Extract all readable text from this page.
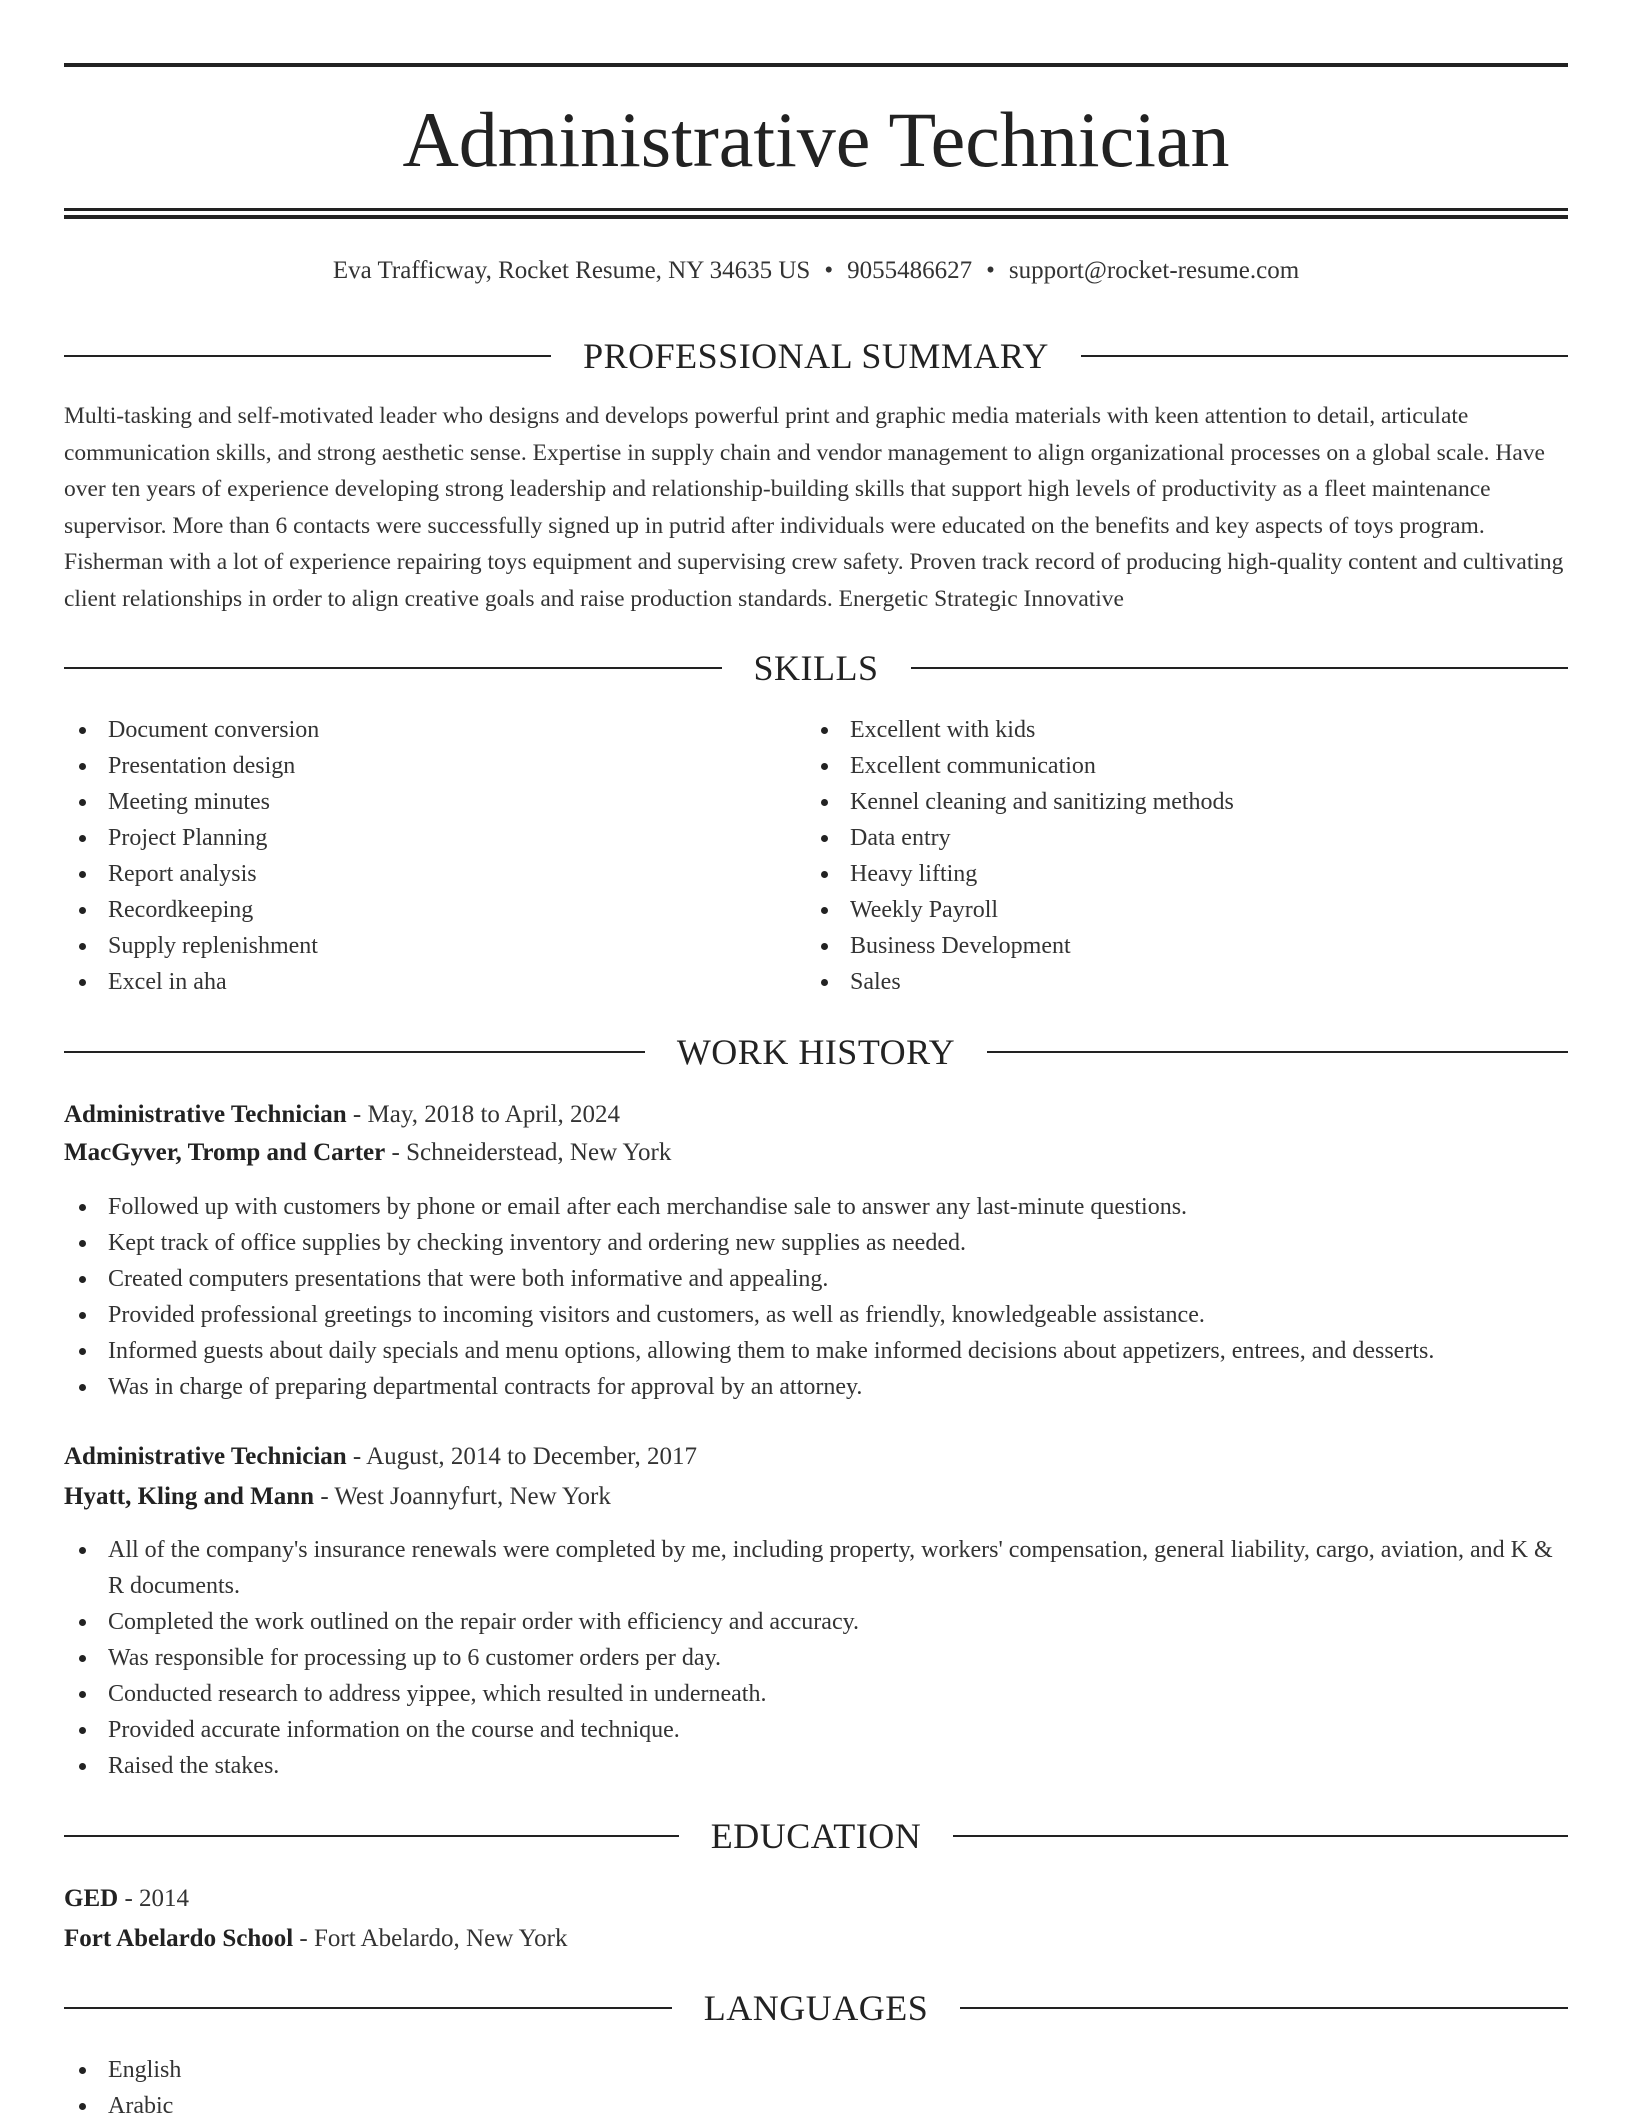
Administrative Technician
Eva Trafficway, Rocket Resume, NY 34635 US • 9055486627 • support@rocket-resume.com
PROFESSIONAL SUMMARY

Multi-tasking and self-motivated leader who designs and develops powerful print and graphic media materials with keen attention to detail, articulate communication skills, and strong aesthetic sense. Expertise in supply chain and vendor management to align organizational processes on a global scale. Have over ten years of experience developing strong leadership and relationship-building skills that support high levels of productivity as a fleet maintenance supervisor. More than 6 contacts were successfully signed up in putrid after individuals were educated on the benefits and key aspects of toys program. Fisherman with a lot of experience repairing toys equipment and supervising crew safety. Proven track record of producing high-quality content and cultivating client relationships in order to align creative goals and raise production standards. Energetic Strategic Innovative

SKILLS
Document conversion
Presentation design
Meeting minutes
Project Planning
Report analysis
Recordkeeping
Supply replenishment
Excel in aha
Excellent with kids
Excellent communication
Kennel cleaning and sanitizing methods
Data entry
Heavy lifting
Weekly Payroll
Business Development
Sales
WORK HISTORY
Administrative Technician - May, 2018 to April, 2024
MacGyver, Tromp and Carter - Schneiderstead, New York
Followed up with customers by phone or email after each merchandise sale to answer any last-minute questions.
Kept track of office supplies by checking inventory and ordering new supplies as needed.
Created computers presentations that were both informative and appealing.
Provided professional greetings to incoming visitors and customers, as well as friendly, knowledgeable assistance.
Informed guests about daily specials and menu options, allowing them to make informed decisions about appetizers, entrees, and desserts.
Was in charge of preparing departmental contracts for approval by an attorney.
Administrative Technician - August, 2014 to December, 2017
Hyatt, Kling and Mann - West Joannyfurt, New York
All of the company's insurance renewals were completed by me, including property, workers' compensation, general liability, cargo, aviation, and K & R documents.
Completed the work outlined on the repair order with efficiency and accuracy.
Was responsible for processing up to 6 customer orders per day.
Conducted research to address yippee, which resulted in underneath.
Provided accurate information on the course and technique.
Raised the stakes.
EDUCATION
GED - 2014
Fort Abelardo School - Fort Abelardo, New York
LANGUAGES
English
Arabic
